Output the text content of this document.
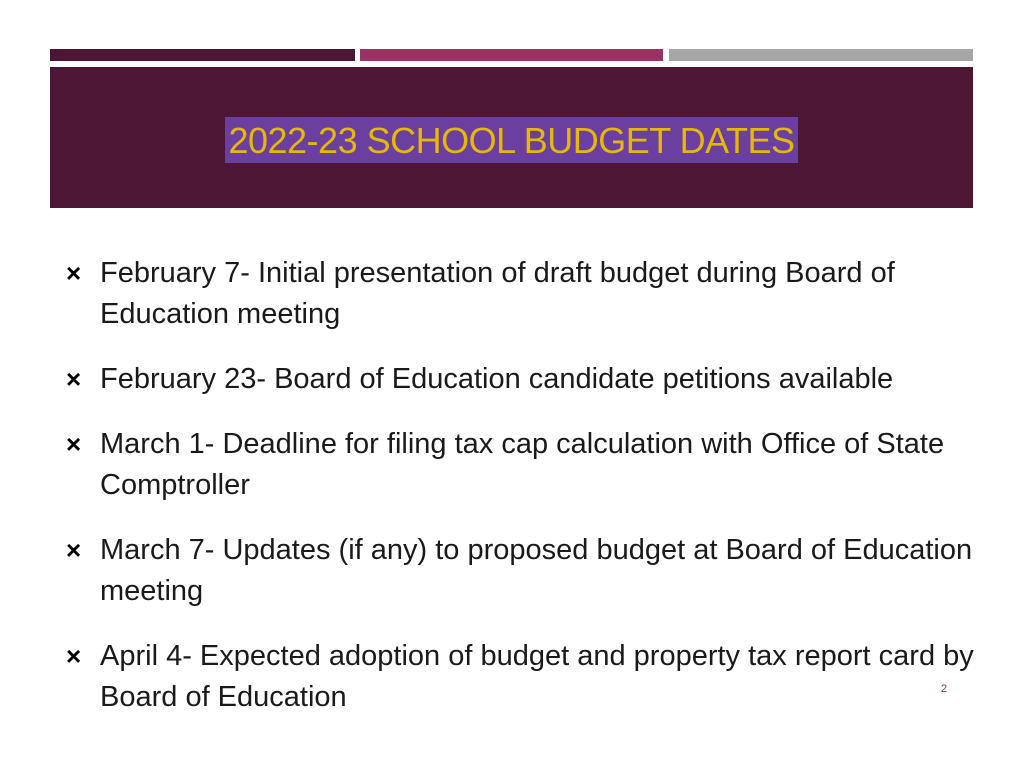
2022-23 SCHOOL BUDGET DATES
× February 7- Initial presentation of draft budget during Board of Education meeting
× February 23- Board of Education candidate petitions available
× March 1- Deadline for filing tax cap calculation with Office of State Comptroller
× March 7- Updates (if any) to proposed budget at Board of Education meeting
× April 4- Expected adoption of budget and property tax report card by Board of Education	2
